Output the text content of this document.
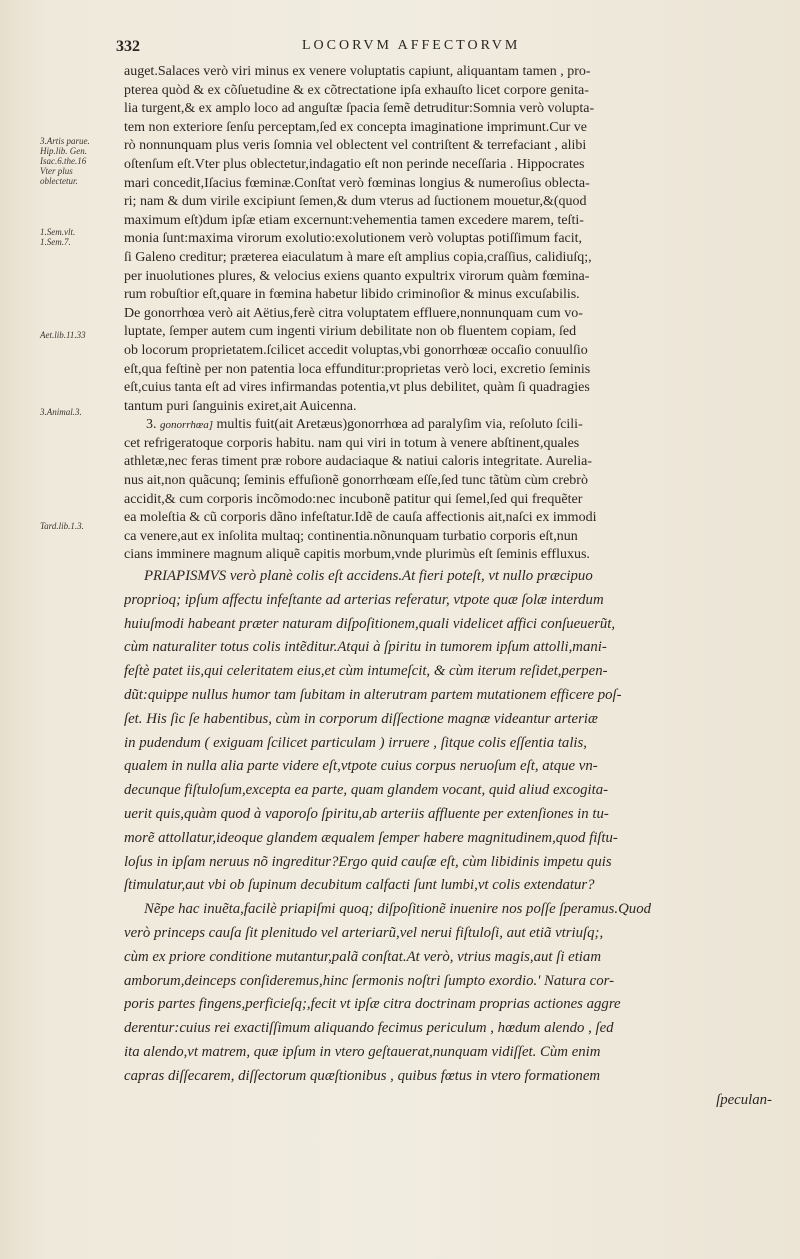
332	LOCORVM AFFECTORVM
3.Artis parue.
Hip.lib. Gen.
Isac.6.the.16
Vter plus
oblectetur.
1.Sem.vlt.
1.Sem.7.
Aet.lib.11.33
3.Animal.3.
Tard.lib.1.3.
auget.Salaces verò viri minus ex venere voluptatis capiunt, aliquantam tamen , pro-
pterea quòd & ex cõſuetudine & ex cõtrectatione ipſa exhauſto licet corpore genita-
lia turgent,& ex amplo loco ad anguſtæ ſpacia ſemẽ detruditur:Somnia verò volupta-
tem non exteriore ſenſu perceptam,ſed ex concepta imaginatione imprimunt.Cur ve
rò nonnunquam plus veris ſomnia vel oblectent vel contriſtent & terrefaciant , alibi
oſtenſum eſt.Vter plus oblectetur,indagatio eſt non perinde neceſſaria . Hippocrates
mari concedit,Iſacius fœminæ.Conſtat verò fœminas longius & numeroſius oblecta-
ri; nam & dum virile excipiunt ſemen,& dum vterus ad ſuctionem mouetur,&(quod
maximum eſt)dum ipſæ etiam excernunt:vehementia tamen excedere marem, teſti-
monia ſunt:maxima virorum exolutio:exolutionem verò voluptas potiſſimum facit,
ſi Galeno creditur; præterea eiaculatum à mare eſt amplius copia,craſſius, calidiuſq;,
per inuolutiones plures, & velocius exiens quanto expultrix virorum quàm fœmina-
rum robuſtior eſt,quare in fœmina habetur libido criminoſior & minus excuſabilis.
De gonorrhœa verò ait Aëtius,ferè citra voluptatem effluere,nonnunquam cum vo-
luptate, ſemper autem cum ingenti virium debilitate non ob fluentem copiam, ſed
ob locorum proprietatem.ſcilicet accedit voluptas,vbi gonorrhœæ occaſio conuulſio
eſt,qua feſtinè per non patentia loca effunditur:proprietas verò loci, excretio ſeminis
eſt,cuius tanta eſt ad vires infirmandas potentia,vt plus debilitet, quàm ſi quadragies
tantum puri ſanguinis exiret,ait Auicenna.
3. gonorrhœa] multis fuit(ait Aretæus)gonorrhœa ad paralyſim via, reſoluto ſcili-
cet refrigeratoque corporis habitu. nam qui viri in totum à venere abſtinent,quales
athletæ,nec feras timent præ robore audaciaque & natiui caloris integritate. Aurelia-
nus ait,non quãcunq; ſeminis effuſionẽ gonorrhœam eſſe,ſed tunc tãtùm cùm crebrò
accidit,& cum corporis incõmodo:nec incubonẽ patitur qui ſemel,ſed qui frequẽter
ea moleſtia & cũ corporis dãno infeſtatur.Idẽ de cauſa affectionis ait,naſci ex immodi
ca venere,aut ex inſolita multaq; continentia.nõnunquam turbatio corporis eſt,nun
cians imminere magnum aliquẽ capitis morbum,vnde plurimùs eſt ſeminis effluxus.
PRIAPISMVS verò planè colis eſt accidens.At fieri poteſt, vt nullo præcipuo
proprioq; ipſum affectu infeſtante ad arterias referatur, vtpote quæ ſolæ interdum
huiuſmodi habeant præter naturam diſpoſitionem,quali videlicet affici conſueuerũt,
cùm naturaliter totus colis intẽditur.Atqui à ſpiritu in tumorem ipſum attolli,mani-
feſtè patet iis,qui celeritatem eius,et cùm intumeſcit, & cùm iterum reſidet,perpen-
dũt:quippe nullus humor tam ſubitam in alterutram partem mutationem efficere poſ-
ſet. His ſic ſe habentibus, cùm in corporum diſſectione magnæ videantur arteriæ
in pudendum ( exiguam ſcilicet particulam ) irruere , ſitque colis eſſentia talis,
qualem in nulla alia parte videre eſt,vtpote cuius corpus neruoſum eſt, atque vn-
decunque fiſtuloſum,excepta ea parte, quam glandem vocant, quid aliud excogita-
uerit quis,quàm quod à vaporoſo ſpiritu,ab arteriis affluente per extenſiones in tu-
morẽ attollatur,ideoque glandem æqualem ſemper habere magnitudinem,quod fiſtu-
loſus in ipſam neruus nõ ingreditur?Ergo quid cauſæ eſt, cùm libidinis impetu quis
ſtimulatur,aut vbi ob ſupinum decubitum calfacti ſunt lumbi,vt colis extendatur?
Nẽpe hac inuẽta,facilè priapiſmi quoq; diſpoſitionẽ inuenire nos poſſe ſperamus.Quod
verò princeps cauſa ſit plenitudo vel arteriarũ,vel nerui fiſtuloſi, aut etiã vtriuſq;,
cùm ex priore conditione mutantur,palã conſtat.At verò, vtrius magis,aut ſi etiam
amborum,deinceps conſideremus,hinc ſermonis noſtri ſumpto exordio.' Natura cor-
poris partes fingens,perficieſq;,fecit vt ipſæ citra doctrinam proprias actiones aggre
derentur:cuius rei exactiſſimum aliquando fecimus periculum , hœdum alendo , ſed
ita alendo,vt matrem, quæ ipſum in vtero geſtauerat,nunquam vidiſſet. Cùm enim
capras diſſecarem, diſſectorum quæſtionibus , quibus fœtus in vtero formationem
ſpeculan-
